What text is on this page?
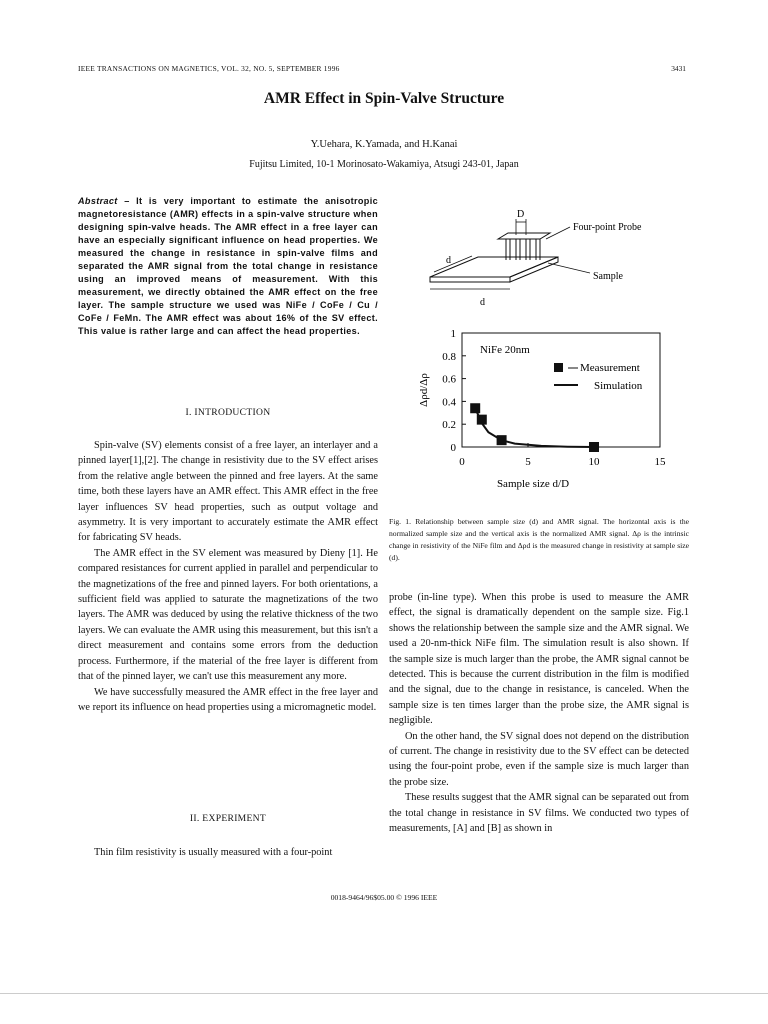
IEEE TRANSACTIONS ON MAGNETICS, VOL. 32, NO. 5, SEPTEMBER 1996	3431
AMR Effect in Spin-Valve Structure
Y.Uehara, K.Yamada, and H.Kanai
Fujitsu Limited, 10-1 Morinosato-Wakamiya, Atsugi 243-01, Japan
Abstract – It is very important to estimate the anisotropic magnetoresistance (AMR) effects in a spin-valve structure when designing spin-valve heads. The AMR effect in a free layer can have an especially significant influence on head properties. We measured the change in resistance in spin-valve films and separated the AMR signal from the total change in resistance using an improved means of measurement. With this measurement, we directly obtained the AMR effect on the free layer. The sample structure we used was NiFe / CoFe / Cu / CoFe / FeMn. The AMR effect was about 16% of the SV effect. This value is rather large and can affect the head properties.
I. INTRODUCTION

Spin-valve (SV) elements consist of a free layer, an interlayer and a pinned layer[1],[2]. The change in resistivity due to the SV effect arises from the relative angle between the pinned and free layers. At the same time, both these layers have an AMR effect. This AMR effect in the free layer influences SV head properties, such as output voltage and asymmetry. It is very important to accurately estimate the AMR effect for fabricating SV heads.

The AMR effect in the SV element was measured by Dieny [1]. He compared resistances for current applied in parallel and perpendicular to the magnetizations of the free and pinned layers. For both orientations, a sufficient field was applied to saturate the magnetizations of the two layers. The AMR was deduced by using the relative thickness of the two layers. We can evaluate the AMR using this measurement, but this isn't a direct measurement and contains some errors from the deduction process. Furthermore, if the material of the free layer is different from that of the pinned layer, we can't use this measurement any more.

We have successfully measured the AMR effect in the free layer and we report its influence on head properties using a micromagnetic model.

II. EXPERIMENT

Thin film resistivity is usually measured with a four-point

D
d
d
Four-point Probe
Sample
0
0.2
0.4
0.6
0.8
1
0	5	10	15
NiFe 20nm
Δρd/Δρ
Sample size d/D
Measurement
Simulation
Fig. 1. Relationship between sample size (d) and AMR signal. The horizontal axis is the normalized sample size and the vertical axis is the normalized AMR signal. Δρ is the intrinsic change in resistivity of the NiFe film and Δρd is the measured change in resistivity at sample size (d).

probe (in-line type). When this probe is used to measure the AMR effect, the signal is dramatically dependent on the sample size. Fig.1 shows the relationship between the sample size and the AMR signal. We used a 20-nm-thick NiFe film. The simulation result is also shown. If the sample size is much larger than the probe, the AMR signal cannot be detected. This is because the current distribution in the film is modified and the signal, due to the change in resistance, is canceled. When the sample size is ten times larger than the probe size, the AMR signal is negligible.

On the other hand, the SV signal does not depend on the distribution of current. The change in resistivity due to the SV effect can be detected using the four-point probe, even if the sample size is much larger than the probe size.

These results suggest that the AMR signal can be separated out from the total change in resistance in SV films. We conducted two types of measurements, [A] and [B] as shown in

0018-9464/96$05.00 © 1996 IEEE
